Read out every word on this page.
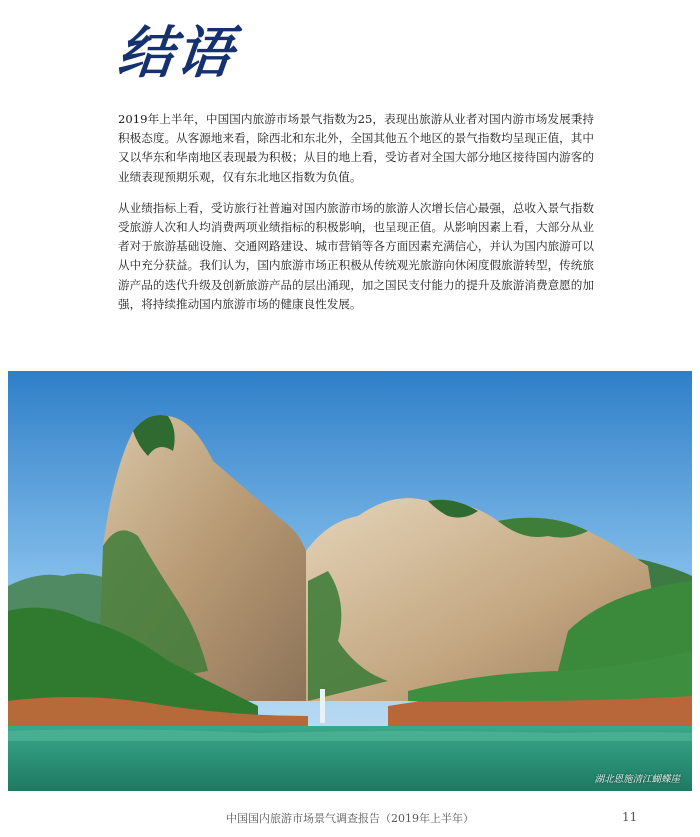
结语

2019年上半年，中国国内旅游市场景气指数为25，表现出旅游从业者对国内游市场发展秉持积极态度。从客源地来看，除西北和东北外，全国其他五个地区的景气指数均呈现正值，其中又以华东和华南地区表现最为积极；从目的地上看，受访者对全国大部分地区接待国内游客的业绩表现预期乐观，仅有东北地区指数为负值。

从业绩指标上看，受访旅行社普遍对国内旅游市场的旅游人次增长信心最强，总收入景气指数受旅游人次和人均消费两项业绩指标的积极影响，也呈现正值。从影响因素上看，大部分从业者对于旅游基础设施、交通网路建设、城市营销等各方面因素充满信心，并认为国内旅游可以从中充分获益。我们认为，国内旅游市场正积极从传统观光旅游向休闲度假旅游转型，传统旅游产品的迭代升级及创新旅游产品的层出涌现，加之国民支付能力的提升及旅游消费意愿的加强，将持续推动国内旅游市场的健康良性发展。

湖北恩施清江蝴蝶崖
中国国内旅游市场景气调查报告（2019年上半年）	11
